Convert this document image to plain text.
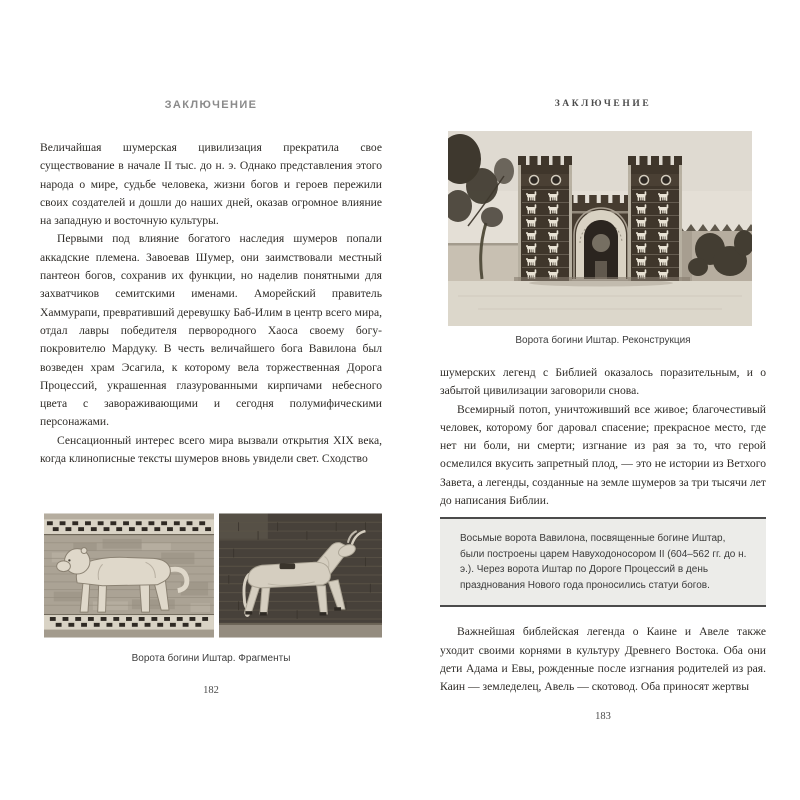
ЗАКЛЮЧЕНИЕ

Величайшая шумерская цивилизация прекратила свое существование в начале II тыс. до н. э. Однако представления этого народа о мире, судьбе человека, жизни богов и героев пережили своих создателей и дошли до наших дней, оказав огромное влияние на западную и восточную культуры.

Первыми под влияние богатого наследия шумеров попали аккадские племена. Завоевав Шумер, они заимствовали местный пантеон богов, сохранив их функции, но наделив понятными для захватчиков семитскими именами. Аморейский правитель Хаммурапи, превративший деревушку Баб-Илим в центр всего мира, отдал лавры победителя первородного Хаоса своему богу-покровителю Мардуку. В честь величайшего бога Вавилона был возведен храм Эсагила, к которому вела торжественная Дорога Процессий, украшенная глазурованными кирпичами небесного цвета с завораживающими и сегодня полумифическими персонажами.

Сенсационный интерес всего мира вызвали открытия XIX века, когда клинописные тексты шумеров вновь увидели свет. Сходство

Ворота богини Иштар. Фрагменты
182
ЗАКЛЮЧЕНИЕ
Ворота богини Иштар. Реконструкция

шумерских легенд с Библией оказалось поразительным, и о забытой цивилизации заговорили снова.

Всемирный потоп, уничтоживший все живое; благочестивый человек, которому бог даровал спасение; прекрасное место, где нет ни боли, ни смерти; изгнание из рая за то, что герой осмелился вкусить запретный плод, — это не истории из Ветхого Завета, а легенды, созданные на земле шумеров за три тысячи лет до написания Библии.

Восьмые ворота Вавилона, посвященные богине Иштар, были построены царем Навуходоносором II (604–562 гг. до н. э.). Через ворота Иштар по Дороге Процессий в день празднования Нового года проносились статуи богов.

Важнейшая библейская легенда о Каине и Авеле также уходит своими корнями в культуру Древнего Востока. Оба они дети Адама и Евы, рожденные после изгнания родителей из рая. Каин — земледелец, Авель — скотовод. Оба приносят жертвы

183
